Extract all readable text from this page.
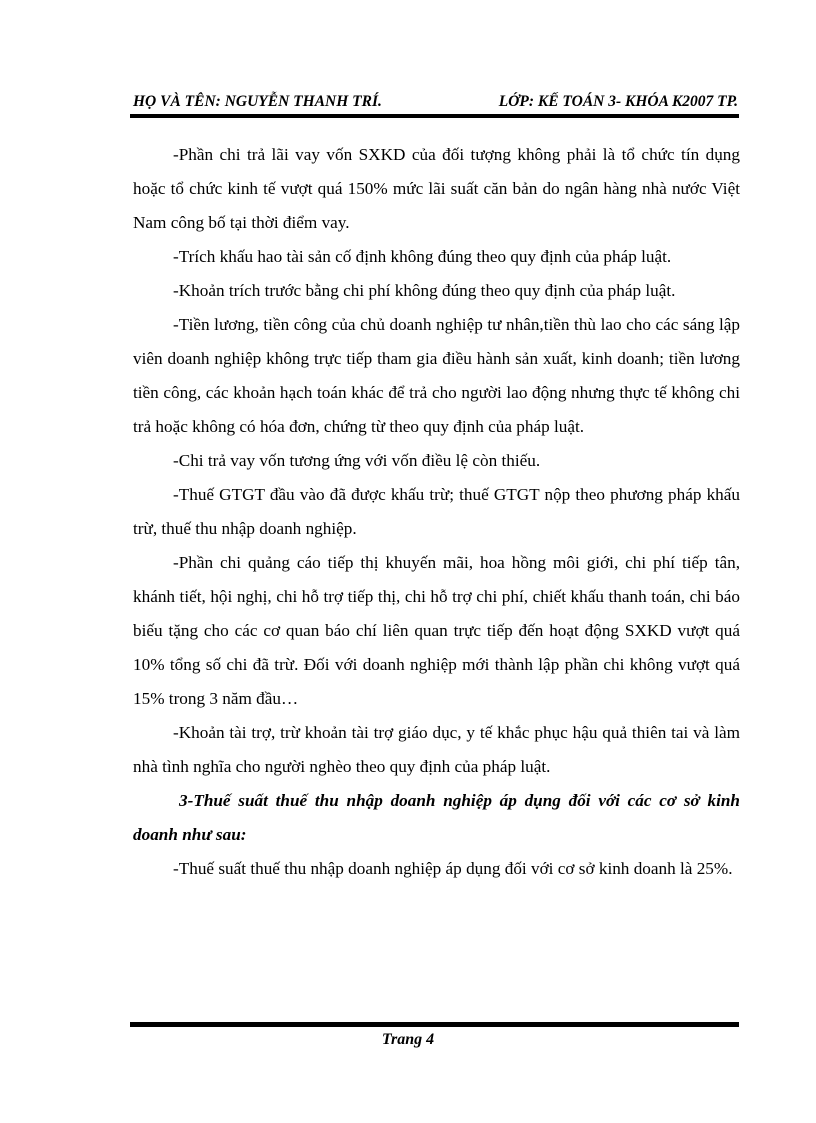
HỌ VÀ TÊN: NGUYỄN THANH TRÍ.	LỚP: KẾ TOÁN 3- KHÓA K2007 TP.

-Phần chi trả lãi vay vốn SXKD của đối tượng không phải là tổ chức tín dụng hoặc tổ chức kinh tế vượt quá 150% mức lãi suất căn bản do ngân hàng nhà nước Việt Nam công bố tại thời điểm vay.

-Trích khấu hao tài sản cố định không đúng theo quy định của pháp luật.

-Khoản trích trước bằng chi phí không đúng theo quy định của pháp luật.

-Tiền lương, tiền công của chủ doanh nghiệp tư nhân,tiền thù lao cho các sáng lập viên doanh nghiệp không trực tiếp tham gia điều hành sản xuất, kinh doanh; tiền lương tiền công, các khoản hạch toán khác để trả cho người lao động nhưng thực tế không chi trả hoặc không có hóa đơn, chứng từ theo quy định của pháp luật.

-Chi trả vay vốn tương ứng với vốn điều lệ còn thiếu.

-Thuế GTGT đầu vào đã được khấu trừ; thuế GTGT nộp theo phương pháp khấu trừ, thuế thu nhập doanh nghiệp.

-Phần chi quảng cáo tiếp thị khuyến mãi, hoa hồng môi giới, chi phí tiếp tân, khánh tiết, hội nghị, chi hỗ trợ tiếp thị, chi hỗ trợ chi phí, chiết khấu thanh toán, chi báo biếu tặng cho các cơ quan báo chí liên quan trực tiếp đến hoạt động SXKD vượt quá 10% tổng số chi đã trừ. Đối với doanh nghiệp mới thành lập phần chi không vượt quá 15% trong 3 năm đầu…

-Khoản tài trợ, trừ khoản tài trợ giáo dục, y tế khắc phục hậu quả thiên tai và làm nhà tình nghĩa cho người nghèo theo quy định của pháp luật.

3-Thuế suất thuế thu nhập doanh nghiệp áp dụng đối với các cơ sở kinh doanh như sau:

-Thuế suất thuế thu nhập doanh nghiệp áp dụng đối với cơ sở kinh doanh là 25%.

Trang 4
